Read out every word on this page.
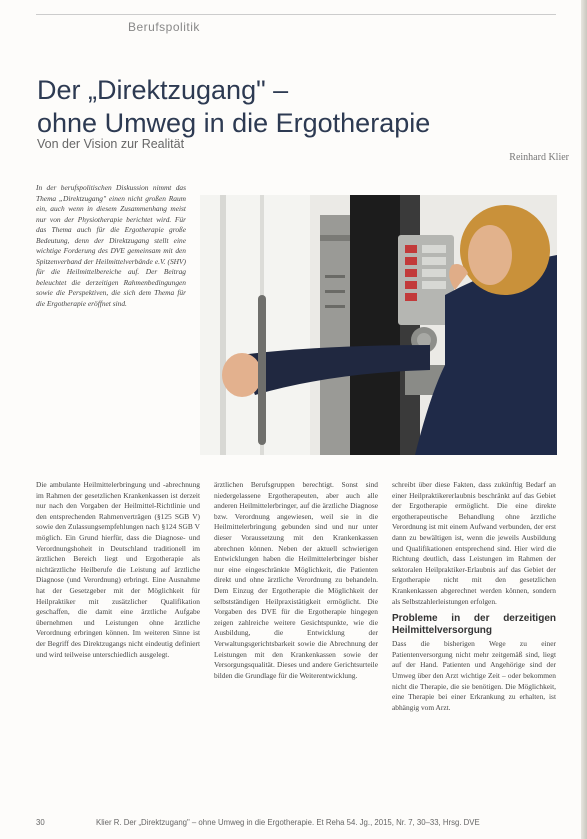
Berufspolitik
Der „Direktzugang" –
ohne Umweg in die Ergotherapie
Von der Vision zur Realität
Reinhard Klier
In der berufspolitischen Diskussion nimmt das Thema „Direktzugang" einen nicht großen Raum ein, auch wenn in diesem Zusammenhang meist nur von der Physiotherapie berichtet wird. Für das Thema auch für die Ergotherapie große Bedeutung, denn der Direktzugang stellt eine wichtige Forderung des DVE gemeinsam mit den Spitzenverband der Heilmittelverbände e.V. (SHV) für die Heilmittelbereiche auf. Der Beitrag beleuchtet die derzeitigen Rahmenbedingungen sowie die Perspektiven, die sich dem Thema für die Ergotherapie eröffnet sind.

Die ambulante Heilmittelerbringung und -abrechnung im Rahmen der gesetzlichen Krankenkassen ist derzeit nur nach den Vorgaben der Heilmittel-Richtlinie und den entsprechenden Rahmenverträgen (§125 SGB V) sowie den Zulassungsempfehlungen nach §124 SGB V möglich. Ein Grund hierfür, dass die Diagnose- und Verordnungshoheit in Deutschland traditionell im ärztlichen Bereich liegt und Ergotherapie als nichtärztliche Heilberufe die Leistung auf ärztliche Diagnose (und Verordnung) erbringt. Eine Ausnahme hat der Gesetzgeber mit der Möglichkeit für Heilpraktiker mit zusätzlicher Qualifikation geschaffen, die damit eine ärztliche Aufgabe übernehmen und Leistungen ohne ärztliche Verordnung erbringen können. Im weiteren Sinne ist der Begriff des Direktzugangs nicht eindeutig definiert und wird teilweise unterschiedlich ausgelegt.

ärztlichen Berufsgruppen berechtigt. Sonst sind niedergelassene Ergotherapeuten, aber auch alle anderen Heilmittelerbringer, auf die ärztliche Diagnose bzw. Verordnung angewiesen, weil sie in die Heilmittelerbringung gebunden sind und nur unter dieser Voraussetzung mit den Krankenkassen abrechnen können. Neben der aktuell schwierigen Entwicklungen haben die Heilmittelerbringer bisher nur eine eingeschränkte Möglichkeit, die Patienten direkt und ohne ärztliche Verordnung zu behandeln. Dem Einzug der Ergotherapie die Möglichkeit der selbstständigen Heilpraxistätigkeit ermöglicht. Die Vorgaben des DVE für die Ergotherapie hingegen zeigen zahlreiche weitere Gesichtspunkte, wie die Ausbildung, die Entwicklung der Verwaltungsgerichtsbarkeit sowie die Abrechnung der Leistungen mit den Krankenkassen sowie der Versorgungsqualität. Dieses und andere Gerichtsurteile bilden die Grundlage für die Weiterentwicklung.

schreibt über diese Fakten, dass zukünftig Bedarf an einer Heilpraktikererlaubnis beschränkt auf das Gebiet der Ergotherapie ermöglicht. Die eine direkte ergotherapeutische Behandlung ohne ärztliche Verordnung ist mit einem Aufwand verbunden, der erst dann zu bewältigen ist, wenn die jeweils Ausbildung und Qualifikationen entsprechend sind. Hier wird die Richtung deutlich, dass Leistungen im Rahmen der sektoralen Heilpraktiker-Erlaubnis auf das Gebiet der Ergotherapie nicht mit den gesetzlichen Krankenkassen abgerechnet werden können, sondern als Selbstzahlerleistungen erfolgen.

Probleme in der derzeitigen Heilmittelversorgung

Dass die bisherigen Wege zu einer Patientenversorgung nicht mehr zeitgemäß sind, liegt auf der Hand. Patienten und Angehörige sind der Umweg über den Arzt wichtige Zeit – oder bekommen nicht die Therapie, die sie benötigen. Die Möglichkeit, eine Therapie bei einer Erkrankung zu erhalten, ist abhängig vom Arzt.

30	Klier R. Der „Direktzugang" – ohne Umweg in die Ergotherapie. Et Reha 54. Jg., 2015, Nr. 7, 30–33, Hrsg. DVE
